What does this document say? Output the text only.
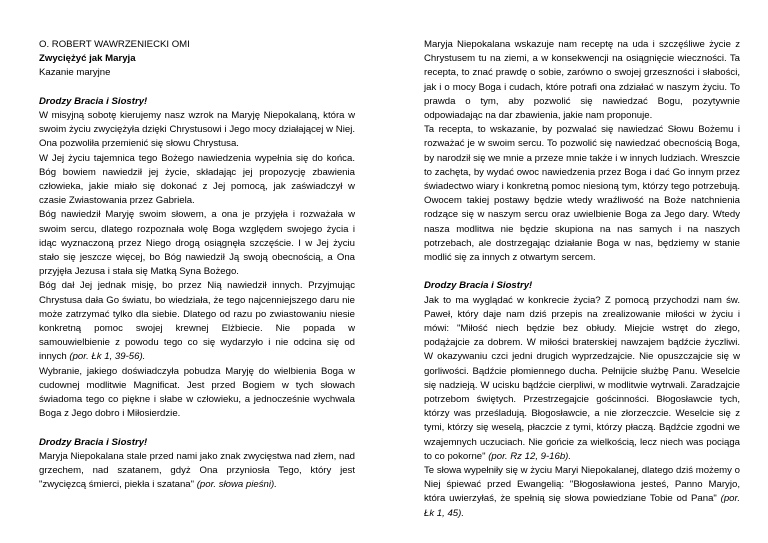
O. ROBERT WAWRZENIECKI OMI

Zwyciężyć jak Maryja

Kazanie maryjne

Drodzy Bracia i Siostry!

W misyjną sobotę kierujemy nasz wzrok na Maryję Niepokalaną, która w swoim życiu zwyciężyła dzięki Chrystusowi i Jego mocy działającej w Niej. Ona pozwoliła przemienić się słowu Chrystusa.

W Jej życiu tajemnica tego Bożego nawiedzenia wypełnia się do końca. Bóg bowiem nawiedził jej życie, składając jej propozycję zbawienia człowieka, jakie miało się dokonać z Jej pomocą, jak zaświadczył w czasie Zwiastowania przez Gabriela.

Bóg nawiedził Maryję swoim słowem, a ona je przyjęła i rozważała w swoim sercu, dlatego rozpoznała wolę Boga względem swojego życia i idąc wyznaczoną przez Niego drogą osiągnęła szczęście. I w Jej życiu stało się jeszcze więcej, bo Bóg nawiedził Ją swoją obecnością, a Ona przyjęła Jezusa i stała się Matką Syna Bożego.

Bóg dał Jej jednak misję, bo przez Nią nawiedził innych. Przyjmując Chrystusa dała Go światu, bo wiedziała, że tego najcenniejszego daru nie może zatrzymać tylko dla siebie. Dlatego od razu po zwiastowaniu niesie konkretną pomoc swojej krewnej Elżbiecie. Nie popada w samouwielbienie z powodu tego co się wydarzyło i nie odcina się od innych (por. Łk 1, 39-56).

Wybranie, jakiego doświadczyła pobudza Maryję do wielbienia Boga w cudownej modlitwie Magnificat. Jest przed Bogiem w tych słowach świadoma tego co piękne i słabe w człowieku, a jednocześnie wychwala Boga z Jego dobro i Miłosierdzie.

Drodzy Bracia i Siostry!

Maryja Niepokalana stale przed nami jako znak zwycięstwa nad złem, nad grzechem, nad szatanem, gdyż Ona przyniosła Tego, który jest "zwycięzcą śmierci, piekła i szatana" (por. słowa pieśni).

Maryja Niepokalana wskazuje nam receptę na uda i szczęśliwe życie z Chrystusem tu na ziemi, a w konsekwencji na osiągnięcie wieczności. Ta recepta, to znać prawdę o sobie, zarówno o swojej grzeszności i słabości, jak i o mocy Boga i cudach, które potrafi ona zdziałać w naszym życiu. To prawda o tym, aby pozwolić się nawiedzać Bogu, pozytywnie odpowiadając na dar zbawienia, jakie nam proponuje.

Ta recepta, to wskazanie, by pozwalać się nawiedzać Słowu Bożemu i rozważać je w swoim sercu. To pozwolić się nawiedzać obecnością Boga, by narodził się we mnie a przeze mnie także i w innych ludziach. Wreszcie to zachęta, by wydać owoc nawiedzenia przez Boga i dać Go innym przez świadectwo wiary i konkretną pomoc niesioną tym, którzy tego potrzebują. Owocem takiej postawy będzie wtedy wraźliwość na Boże natchnienia rodzące się w naszym sercu oraz uwielbienie Boga za Jego dary. Wtedy nasza modlitwa nie będzie skupiona na nas samych i na naszych potrzebach, ale dostrzegając działanie Boga w nas, będziemy w stanie modlić się za innych z otwartym sercem.

Drodzy Bracia i Siostry!

Jak to ma wyglądać w konkrecie życia? Z pomocą przychodzi nam św. Paweł, który daje nam dziś przepis na zrealizowanie miłości w życiu i mówi: "Miłość niech będzie bez obłudy. Miejcie wstręt do złego, podążajcie za dobrem. W miłości braterskiej nawzajem bądźcie życzliwi. W okazywaniu czci jedni drugich wyprzedzajcie. Nie opuszczajcie się w gorliwości. Bądźcie płomiennego ducha. Pełnijcie służbę Panu. Weselcie się nadzieją. W ucisku bądźcie cierpliwi, w modlitwie wytrwali. Zaradzajcie potrzebom świętych. Przestrzegajcie gościnności. Błogosławcie tych, którzy was prześladują. Błogosławcie, a nie złorzeczcie. Weselcie się z tymi, którzy się weselą, płaczcie z tymi, którzy płaczą. Bądźcie zgodni we wzajemnych uczuciach. Nie gońcie za wielkością, lecz niech was pociąga to co pokorne" (por. Rz 12, 9-16b).

Te słowa wypełniły się w życiu Maryi Niepokalanej, dlatego dziś możemy o Niej śpiewać przed Ewangelią: "Błogosławiona jesteś, Panno Maryjo, która uwierzyłaś, że spełnią się słowa powiedziane Tobie od Pana" (por. Łk 1, 45).
